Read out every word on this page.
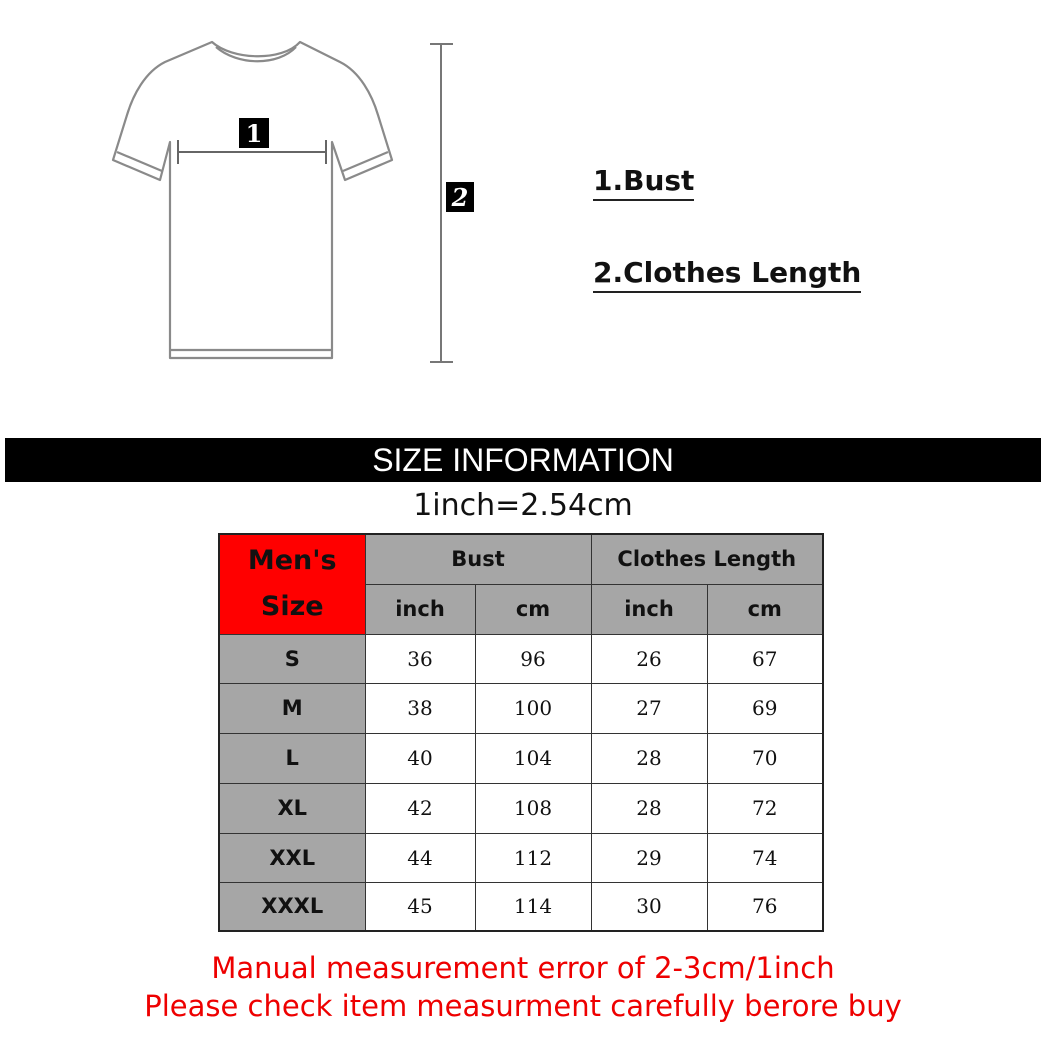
1
2
1.Bust
2.Clothes Length
SIZE INFORMATION
1inch=2.54cm
Men's
Size	Bust		Clothes Length	
	inch	cm	inch	cm
S	36	96	26	67
M	38	100	27	69
L	40	104	28	70
XL	42	108	28	72
XXL	44	112	29	74
XXXL	45	114	30	76
Manual measurement error of 2-3cm/1inch
Please check item measurment carefully berore buy
